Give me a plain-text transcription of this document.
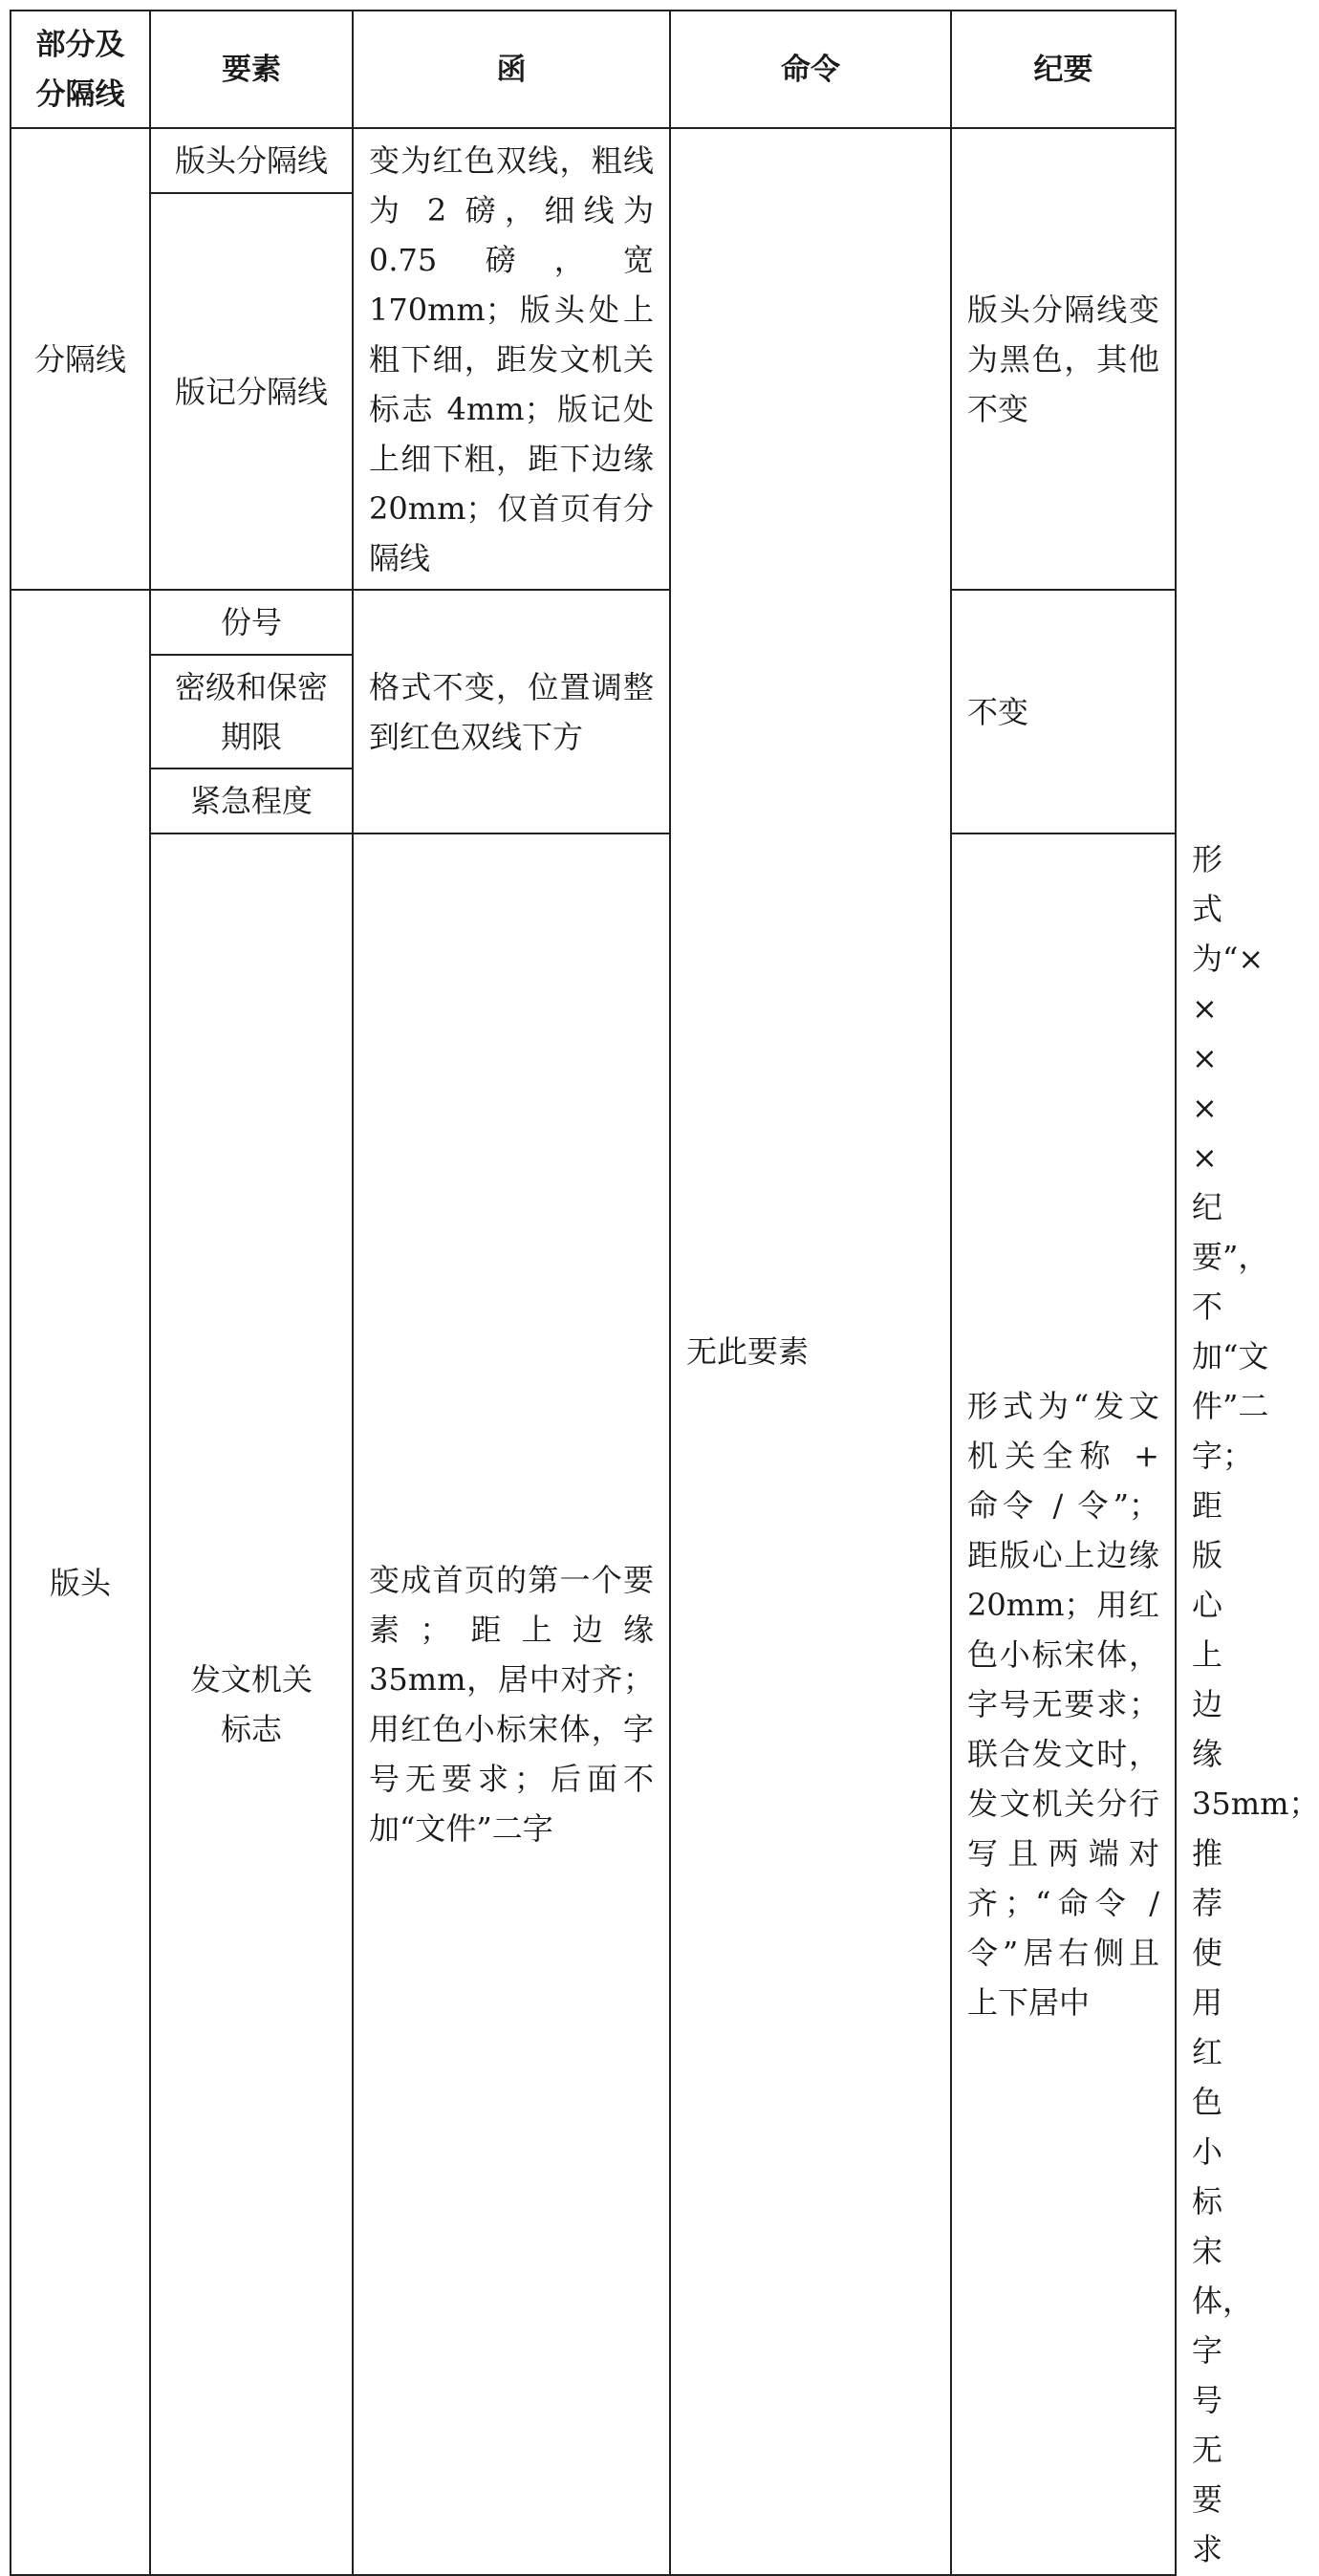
部分及
分隔线	要素	函	命令	纪要	
分隔线	版头分隔线	变为红色双线，粗线为 2 磅，细线为 0.75 磅，宽 170mm；版头处上粗下细，距发文机关标志 4mm；版记处上细下粗，距下边缘 20mm；仅首页有分隔线	无此要素	版头分隔线变为黑色，其他不变	
	版记分隔线				
版头	份号	格式不变，位置调整到红色双线下方		不变	
	密级和保密
期限				
	紧急程度				
	发文机关
标志	变成首页的第一个要素；距上边缘 35mm，居中对齐；用红色小标宋体，字号无要求；后面不加“文件”二字		形式为“发文机关全称 + 命令 / 令”；距版心上边缘 20mm；用红色小标宋体，字号无要求；联合发文时，发文机关分行写且两端对齐；“命令 / 令”居右侧且上下居中	形式为“× × × × × 纪要”，不加“文件”二字；距版心上边缘 35mm；推荐使用红色小标宋体，字号无要求
